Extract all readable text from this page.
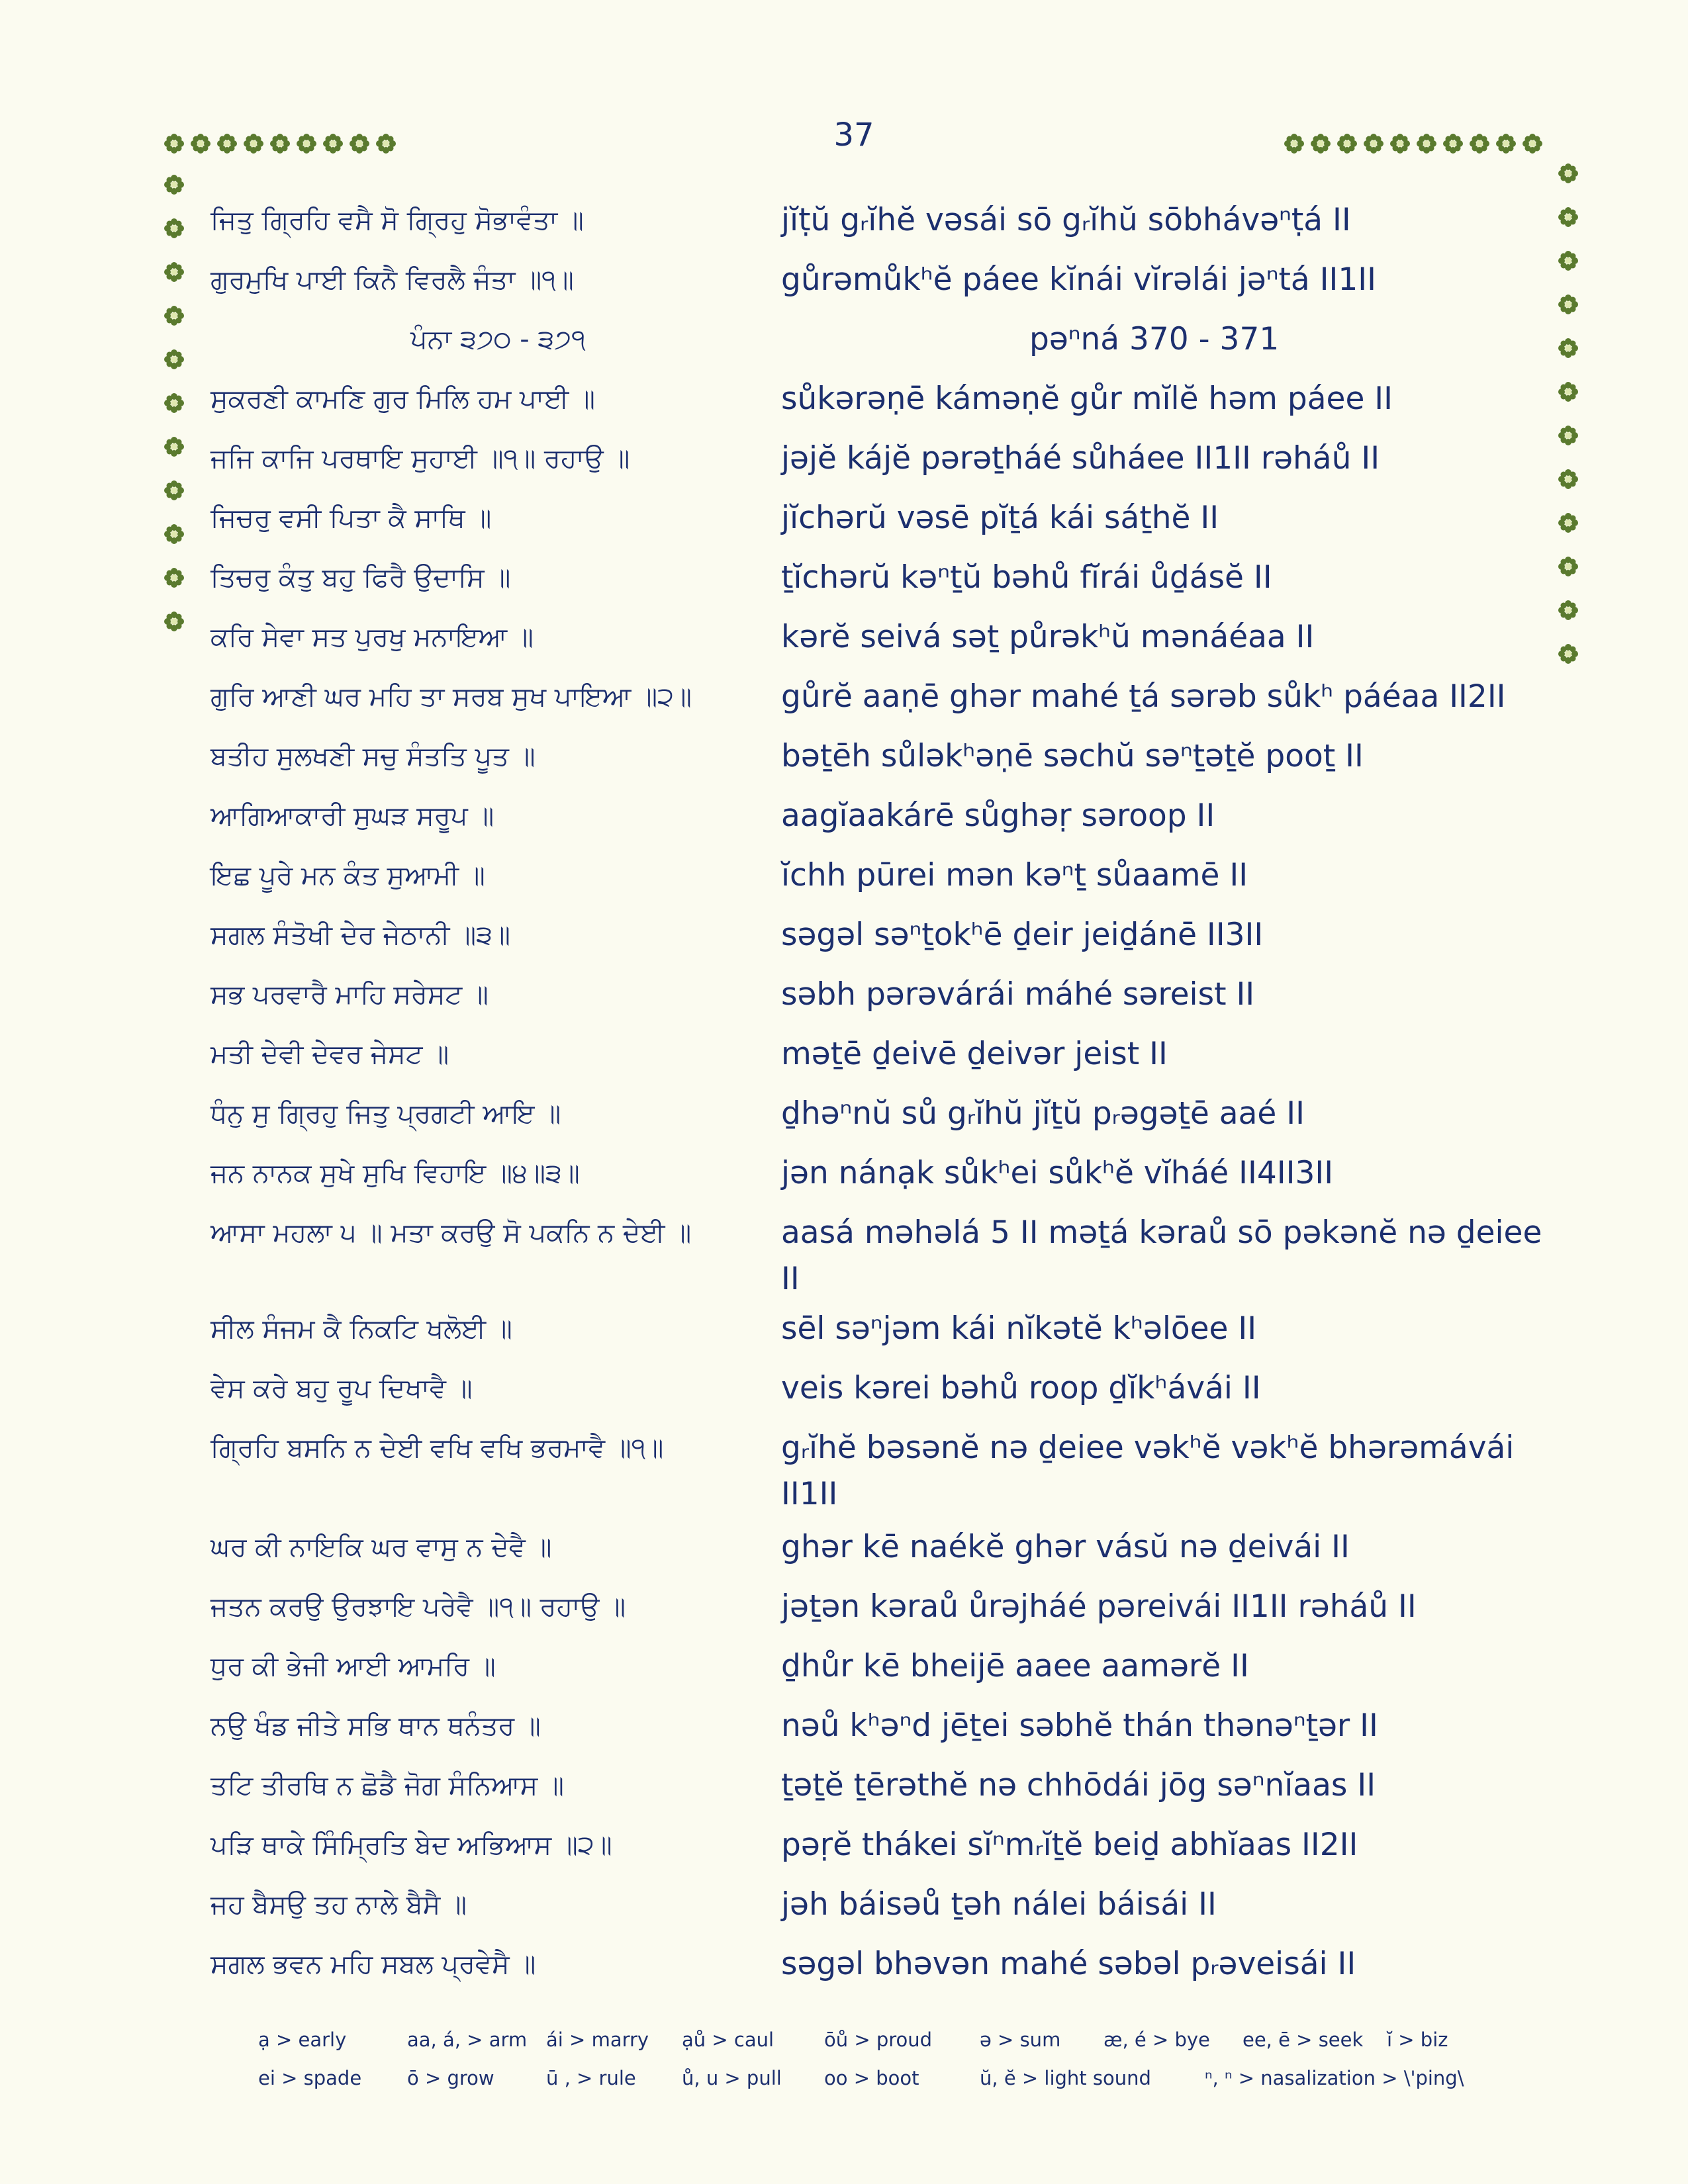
37
ਜਿਤੁ ਗ੍ਰਿਹਿ ਵਸੈ ਸੋ ਗ੍ਰਿਹੁ ਸੋਭਾਵੰਤਾ ॥	jĭṭŭ gᵣĭhĕ vəsái sō gᵣĭhŭ sōbhávəⁿṭá II
ਗੁਰਮੁਖਿ ਪਾਈ ਕਿਨੈ ਵਿਰਲੈ ਜੰਤਾ ॥੧॥	gůrəmůkʰĕ páee kĭnái vĭrəlái jəⁿtá II1II
ਪੰਨਾ ੩੭੦ - ੩੭੧	pəⁿná 370 - 371
ਸੁਕਰਣੀ ਕਾਮਣਿ ਗੁਰ ਮਿਲਿ ਹਮ ਪਾਈ ॥	sůkərəṇē kámǝṇĕ gůr mĭlĕ həm páee II
ਜਜਿ ਕਾਜਿ ਪਰਥਾਇ ਸੁਹਾਈ ॥੧॥ ਰਹਾਉ ॥	jəjĕ kájĕ pərəṯháé sůháee II1II rəháů II
ਜਿਚਰੁ ਵਸੀ ਪਿਤਾ ਕੈ ਸਾਥਿ ॥	jĭchərŭ vəsē pĭṯá kái sáṯhĕ II
ਤਿਚਰੁ ਕੰਤੁ ਬਹੁ ਫਿਰੈ ਉਦਾਸਿ ॥	ṯĭchərŭ kəⁿṯŭ bəhů fĭrái ůḏásĕ II
ਕਰਿ ਸੇਵਾ ਸਤ ਪੁਰਖੁ ਮਨਾਇਆ ॥	kərĕ seivá səṯ půrəkʰŭ mənáéaa II
ਗੁਰਿ ਆਣੀ ਘਰ ਮਹਿ ਤਾ ਸਰਬ ਸੁਖ ਪਾਇਆ ॥੨॥	gůrĕ aaṇē ghər mahé ṯá sərəb sůkʰ páéaa II2II
ਬਤੀਹ ਸੁਲਖਣੀ ਸਚੁ ਸੰਤਤਿ ਪੂਤ ॥	bəṯēh sůləkʰəṇē səchŭ səⁿṯəṯĕ pooṯ II
ਆਗਿਆਕਾਰੀ ਸੁਘੜ ਸਰੂਪ ॥	aagĭaakárē sůghəṛ səroop II
ਇਛ ਪੂਰੇ ਮਨ ਕੰਤ ਸੁਆਮੀ ॥	ĭchh pūrei mən kəⁿṯ sůaamē II
ਸਗਲ ਸੰਤੋਖੀ ਦੇਰ ਜੇਠਾਨੀ ॥੩॥	səgəl səⁿṯokʰē ḏeir jeiḏánē II3II
ਸਭ ਪਰਵਾਰੈ ਮਾਹਿ ਸਰੇਸਟ ॥	səbh pərəvárái máhé səreist II
ਮਤੀ ਦੇਵੀ ਦੇਵਰ ਜੇਸਟ ॥	məṯē ḏeivē ḏeivər jeist II
ਧੰਨੁ ਸੁ ਗ੍ਰਿਹੁ ਜਿਤੁ ਪ੍ਰਗਟੀ ਆਇ ॥	ḏhəⁿnŭ sů gᵣĭhŭ jĭṯŭ pᵣəgəṯē aaé II
ਜਨ ਨਾਨਕ ਸੁਖੇ ਸੁਖਿ ਵਿਹਾਇ ॥੪॥੩॥	jən nánạk sůkʰei sůkʰĕ vĭháé II4II3II
ਆਸਾ ਮਹਲਾ ੫ ॥ ਮਤਾ ਕਰਉ ਸੋ ਪਕਨਿ ਨ ਦੇਈ ॥	aasá məhəlá 5 II məṯá kəraů sō pəkənĕ nə ḏeiee II
ਸੀਲ ਸੰਜਮ ਕੈ ਨਿਕਟਿ ਖਲੋਈ ॥	sēl səⁿjəm kái nĭkətĕ kʰəlōee II
ਵੇਸ ਕਰੇ ਬਹੁ ਰੂਪ ਦਿਖਾਵੈ ॥	veis kərei bəhů roop ḏĭkʰávái II
ਗ੍ਰਿਹਿ ਬਸਨਿ ਨ ਦੇਈ ਵਖਿ ਵਖਿ ਭਰਮਾਵੈ ॥੧॥	gᵣĭhĕ bəsənĕ nə ḏeiee vəkʰĕ vəkʰĕ bhərəmávái II1II
ਘਰ ਕੀ ਨਾਇਕਿ ਘਰ ਵਾਸੁ ਨ ਦੇਵੈ ॥	ghər kē naékĕ ghər vásŭ nə ḏeivái II
ਜਤਨ ਕਰਉ ਉਰਝਾਇ ਪਰੇਵੈ ॥੧॥ ਰਹਾਉ ॥	jəṯən kəraů ůrəjháé pəreivái II1II rəháů II
ਧੁਰ ਕੀ ਭੇਜੀ ਆਈ ਆਮਰਿ ॥	ḏhůr kē bheijē aaee aamərĕ II
ਨਉ ਖੰਡ ਜੀਤੇ ਸਭਿ ਥਾਨ ਥਨੰਤਰ ॥	nəů kʰəⁿd jēṯei səbhĕ thán thənəⁿṯər II
ਤਟਿ ਤੀਰਥਿ ਨ ਛੋਡੈ ਜੋਗ ਸੰਨਿਆਸ ॥	ṯəṯĕ ṯērəthĕ nə chhōdái jōg səⁿnĭaas II
ਪੜਿ ਥਾਕੇ ਸਿੰਮ੍ਰਿਤਿ ਬੇਦ ਅਭਿਆਸ ॥੨॥	pəṛĕ thákei sĭⁿmᵣĭṯĕ beiḏ abhĭaas II2II
ਜਹ ਬੈਸਉ ਤਹ ਨਾਲੇ ਬੈਸੈ ॥	jəh báisəů ṯəh nálei báisái II
ਸਗਲ ਭਵਨ ਮਹਿ ਸਬਲ ਪ੍ਰਵੇਸੈ ॥	səgəl bhəvən mahé səbəl pᵣəveisái II
ạ > early	aa, á, > arm ái > marry ạů > caul	ōů > proud ə > sum æ, é > bye ee, ē > seek ĭ > biz
ei > spade ō > grow	ū , > rule ů, u > pull oo > boot	ŭ, ĕ > light sound	ⁿ, ⁿ > nasalization > \'ping\
